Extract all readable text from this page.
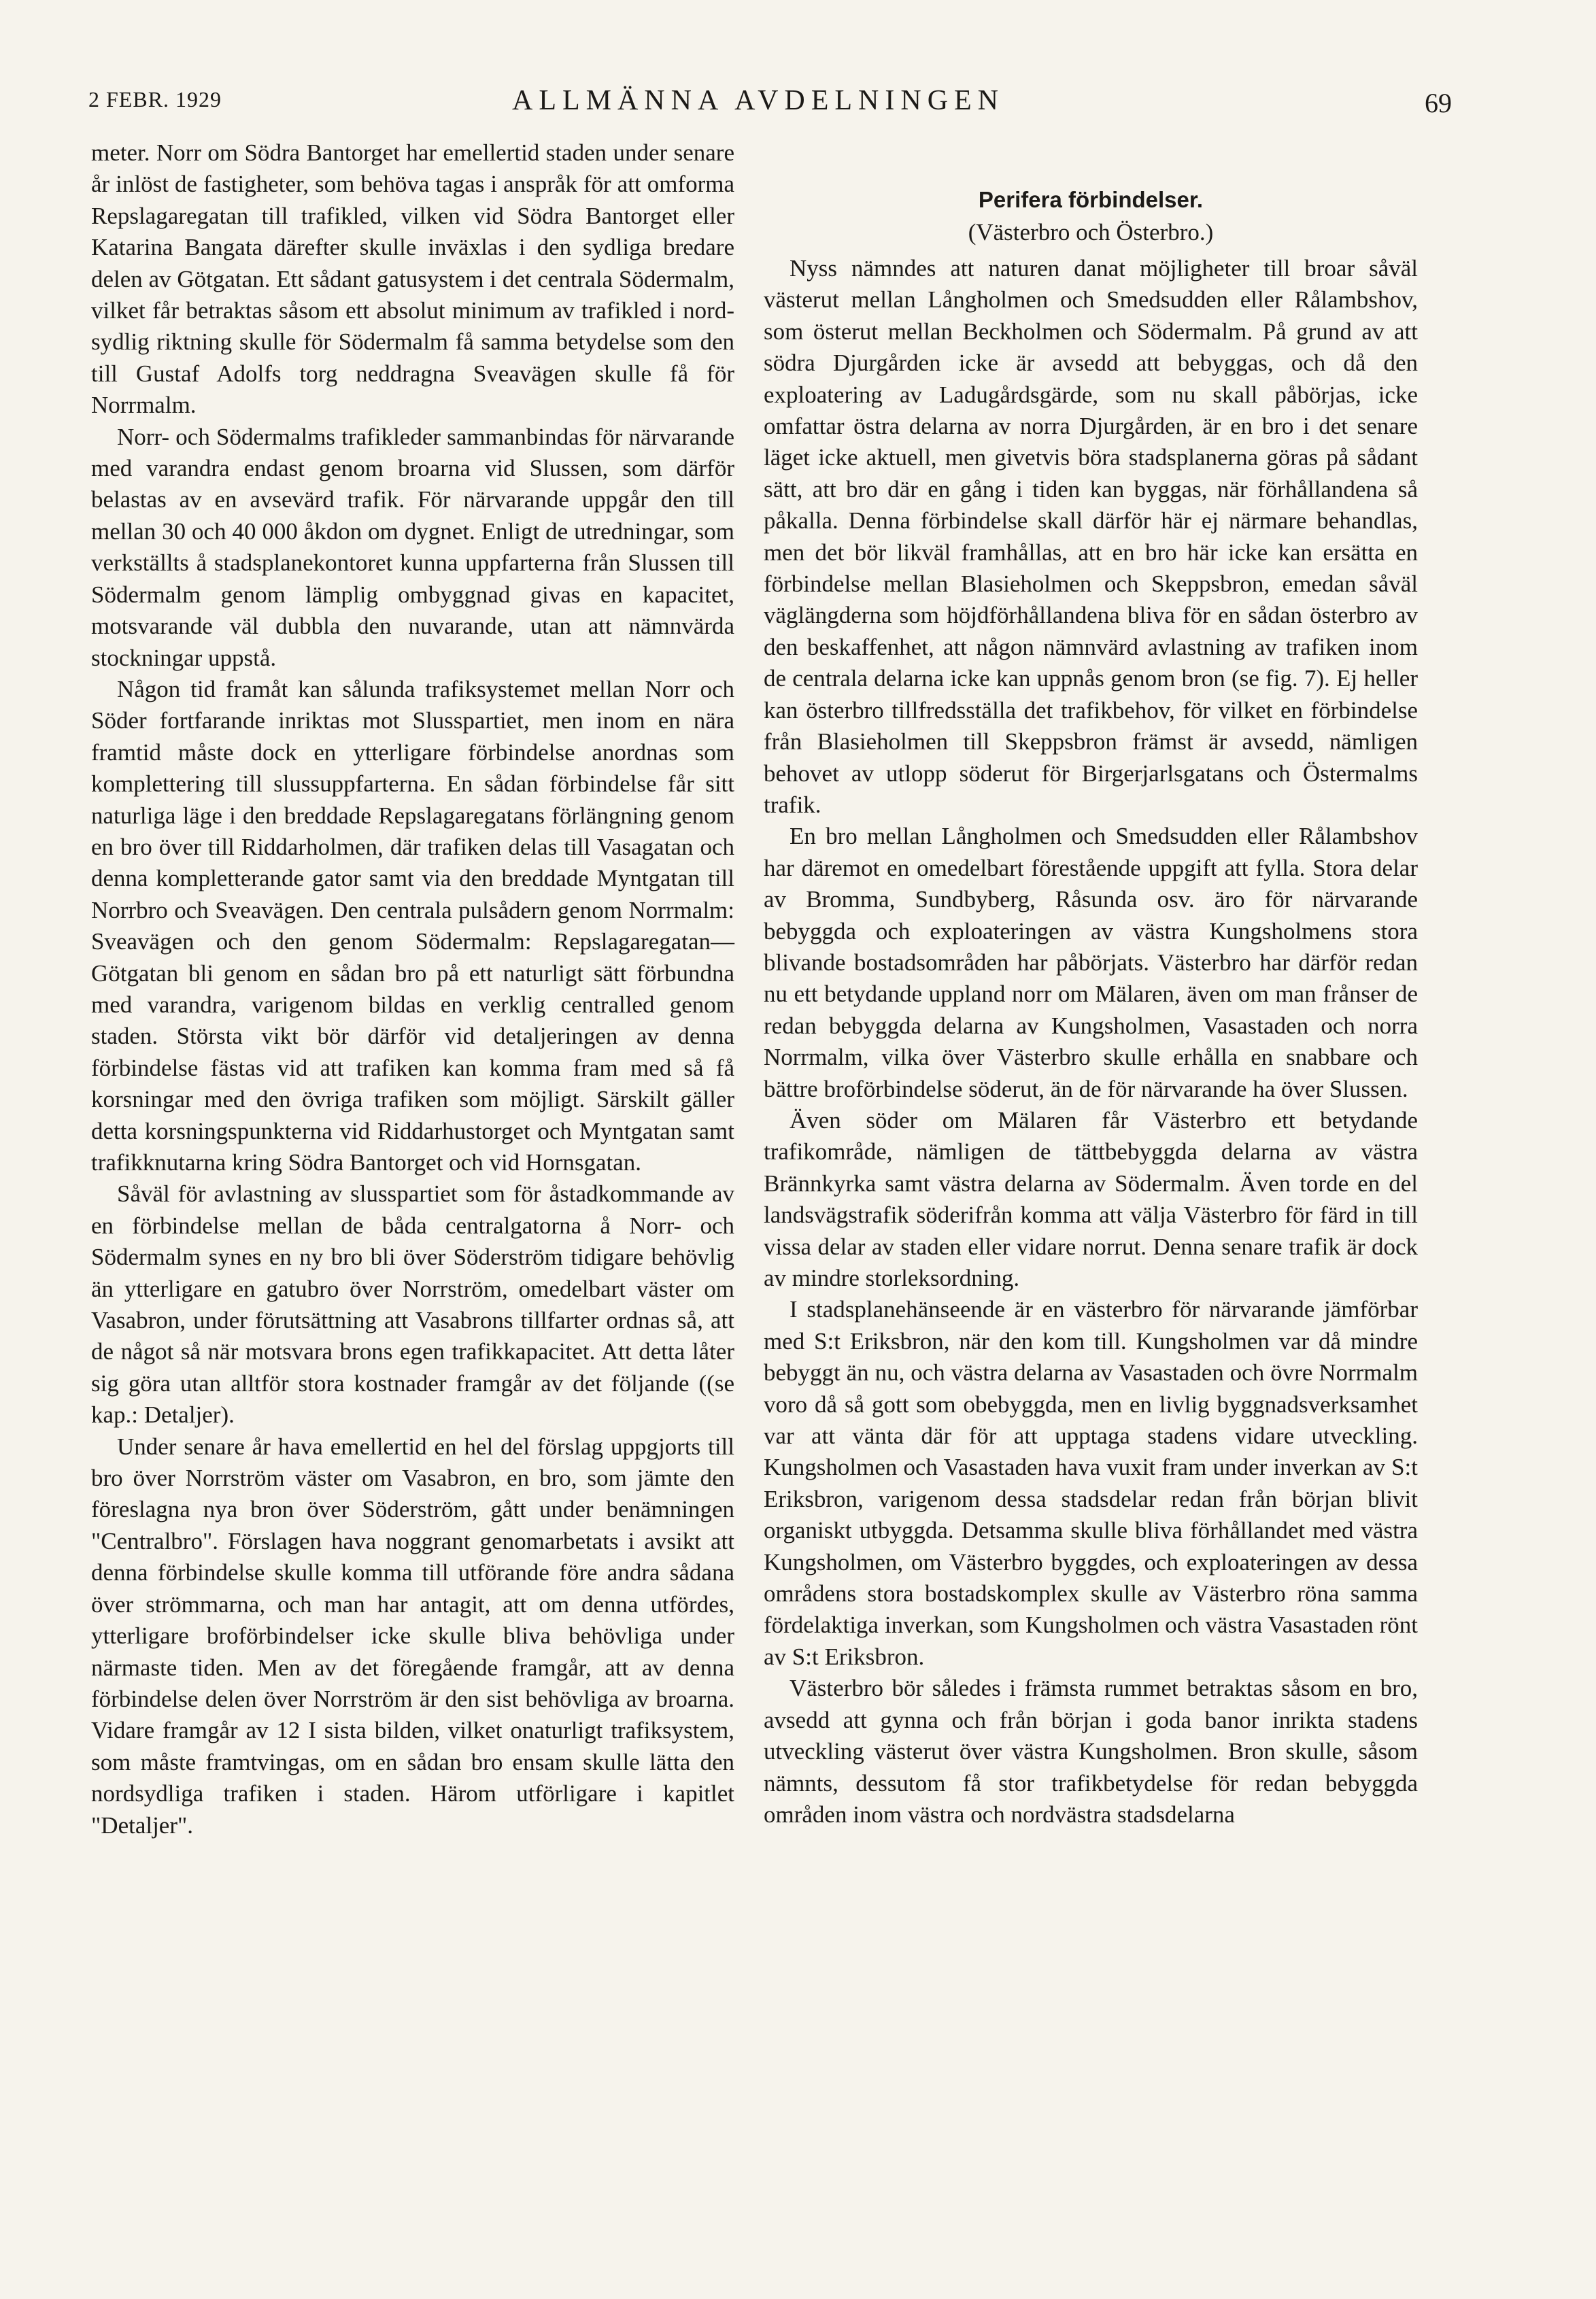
2 FEBR. 1929	ALLMÄNNA AVDELNINGEN	69

meter. Norr om Södra Bantorget har emellertid staden under senare år inlöst de fastigheter, som behöva tagas i anspråk för att omforma Repslagaregatan till trafikled, vilken vid Södra Bantorget eller Katarina Bangata därefter skulle inväxlas i den sydliga bredare delen av Götgatan. Ett sådant gatusystem i det centrala Södermalm, vilket får betraktas såsom ett absolut minimum av trafikled i nord-sydlig riktning skulle för Södermalm få samma betydelse som den till Gustaf Adolfs torg neddragna Sveavägen skulle få för Norrmalm.

Norr- och Södermalms trafikleder sammanbindas för närvarande med varandra endast genom broarna vid Slussen, som därför belastas av en avsevärd trafik. För närvarande uppgår den till mellan 30 och 40 000 åkdon om dygnet. Enligt de utredningar, som verkställts å stadsplanekontoret kunna uppfarterna från Slussen till Södermalm genom lämplig ombyggnad givas en kapacitet, motsvarande väl dubbla den nuvarande, utan att nämnvärda stockningar uppstå.

Någon tid framåt kan sålunda trafiksystemet mellan Norr och Söder fortfarande inriktas mot Slusspartiet, men inom en nära framtid måste dock en ytterligare förbindelse anordnas som komplettering till slussuppfarterna. En sådan förbindelse får sitt naturliga läge i den breddade Repslagaregatans förlängning genom en bro över till Riddarholmen, där trafiken delas till Vasagatan och denna kompletterande gator samt via den breddade Myntgatan till Norrbro och Sveavägen. Den centrala pulsådern genom Norrmalm: Sveavägen och den genom Södermalm: Repslagaregatan—Götgatan bli genom en sådan bro på ett naturligt sätt förbundna med varandra, varigenom bildas en verklig centralled genom staden. Största vikt bör därför vid detaljeringen av denna förbindelse fästas vid att trafiken kan komma fram med så få korsningar med den övriga trafiken som möjligt. Särskilt gäller detta korsningspunkterna vid Riddarhustorget och Myntgatan samt trafikknutarna kring Södra Bantorget och vid Hornsgatan.

Såväl för avlastning av slusspartiet som för åstadkommande av en förbindelse mellan de båda centralgatorna å Norr- och Södermalm synes en ny bro bli över Söderström tidigare behövlig än ytterligare en gatubro över Norrström, omedelbart väster om Vasabron, under förutsättning att Vasabrons tillfarter ordnas så, att de något så när motsvara brons egen trafikkapacitet. Att detta låter sig göra utan alltför stora kostnader framgår av det följande ((se kap.: Detaljer).

Under senare år hava emellertid en hel del förslag uppgjorts till bro över Norrström väster om Vasabron, en bro, som jämte den föreslagna nya bron över Söderström, gått under benämningen "Centralbro". Förslagen hava noggrant genomarbetats i avsikt att denna förbindelse skulle komma till utförande före andra sådana över strömmarna, och man har antagit, att om denna utfördes, ytterligare broförbindelser icke skulle bliva behövliga under närmaste tiden. Men av det föregående framgår, att av denna förbindelse delen över Norrström är den sist behövliga av broarna. Vidare framgår av 12 I sista bilden, vilket onaturligt trafiksystem, som måste framtvingas, om en sådan bro ensam skulle lätta den nordsydliga trafiken i staden. Härom utförligare i kapitlet "Detaljer".

Perifera förbindelser.
(Västerbro och Österbro.)

Nyss nämndes att naturen danat möjligheter till broar såväl västerut mellan Långholmen och Smedsudden eller Rålambshov, som österut mellan Beckholmen och Södermalm. På grund av att södra Djurgården icke är avsedd att bebyggas, och då den exploatering av Ladugårdsgärde, som nu skall påbörjas, icke omfattar östra delarna av norra Djurgården, är en bro i det senare läget icke aktuell, men givetvis böra stadsplanerna göras på sådant sätt, att bro där en gång i tiden kan byggas, när förhållandena så påkalla. Denna förbindelse skall därför här ej närmare behandlas, men det bör likväl framhållas, att en bro här icke kan ersätta en förbindelse mellan Blasieholmen och Skeppsbron, emedan såväl väglängderna som höjdförhållandena bliva för en sådan österbro av den beskaffenhet, att någon nämnvärd avlastning av trafiken inom de centrala delarna icke kan uppnås genom bron (se fig. 7). Ej heller kan österbro tillfredsställa det trafikbehov, för vilket en förbindelse från Blasieholmen till Skeppsbron främst är avsedd, nämligen behovet av utlopp söderut för Birgerjarlsgatans och Östermalms trafik.

En bro mellan Långholmen och Smedsudden eller Rålambshov har däremot en omedelbart förestående uppgift att fylla. Stora delar av Bromma, Sundbyberg, Råsunda osv. äro för närvarande bebyggda och exploateringen av västra Kungsholmens stora blivande bostadsområden har påbörjats. Västerbro har därför redan nu ett betydande uppland norr om Mälaren, även om man frånser de redan bebyggda delarna av Kungsholmen, Vasastaden och norra Norrmalm, vilka över Västerbro skulle erhålla en snabbare och bättre broförbindelse söderut, än de för närvarande ha över Slussen.

Även söder om Mälaren får Västerbro ett betydande trafikområde, nämligen de tättbebyggda delarna av västra Brännkyrka samt västra delarna av Södermalm. Även torde en del landsvägstrafik söderifrån komma att välja Västerbro för färd in till vissa delar av staden eller vidare norrut. Denna senare trafik är dock av mindre storleksordning.

I stadsplanehänseende är en västerbro för närvarande jämförbar med S:t Eriksbron, när den kom till. Kungsholmen var då mindre bebyggt än nu, och västra delarna av Vasastaden och övre Norrmalm voro då så gott som obebyggda, men en livlig byggnadsverksamhet var att vänta där för att upptaga stadens vidare utveckling. Kungsholmen och Vasastaden hava vuxit fram under inverkan av S:t Eriksbron, varigenom dessa stadsdelar redan från början blivit organiskt utbyggda. Detsamma skulle bliva förhållandet med västra Kungsholmen, om Västerbro byggdes, och exploateringen av dessa områdens stora bostadskomplex skulle av Västerbro röna samma fördelaktiga inverkan, som Kungsholmen och västra Vasastaden rönt av S:t Eriksbron.

Västerbro bör således i främsta rummet betraktas såsom en bro, avsedd att gynna och från början i goda banor inrikta stadens utveckling västerut över västra Kungsholmen. Bron skulle, såsom nämnts, dessutom få stor trafikbetydelse för redan bebyggda områden inom västra och nordvästra stadsdelarna
